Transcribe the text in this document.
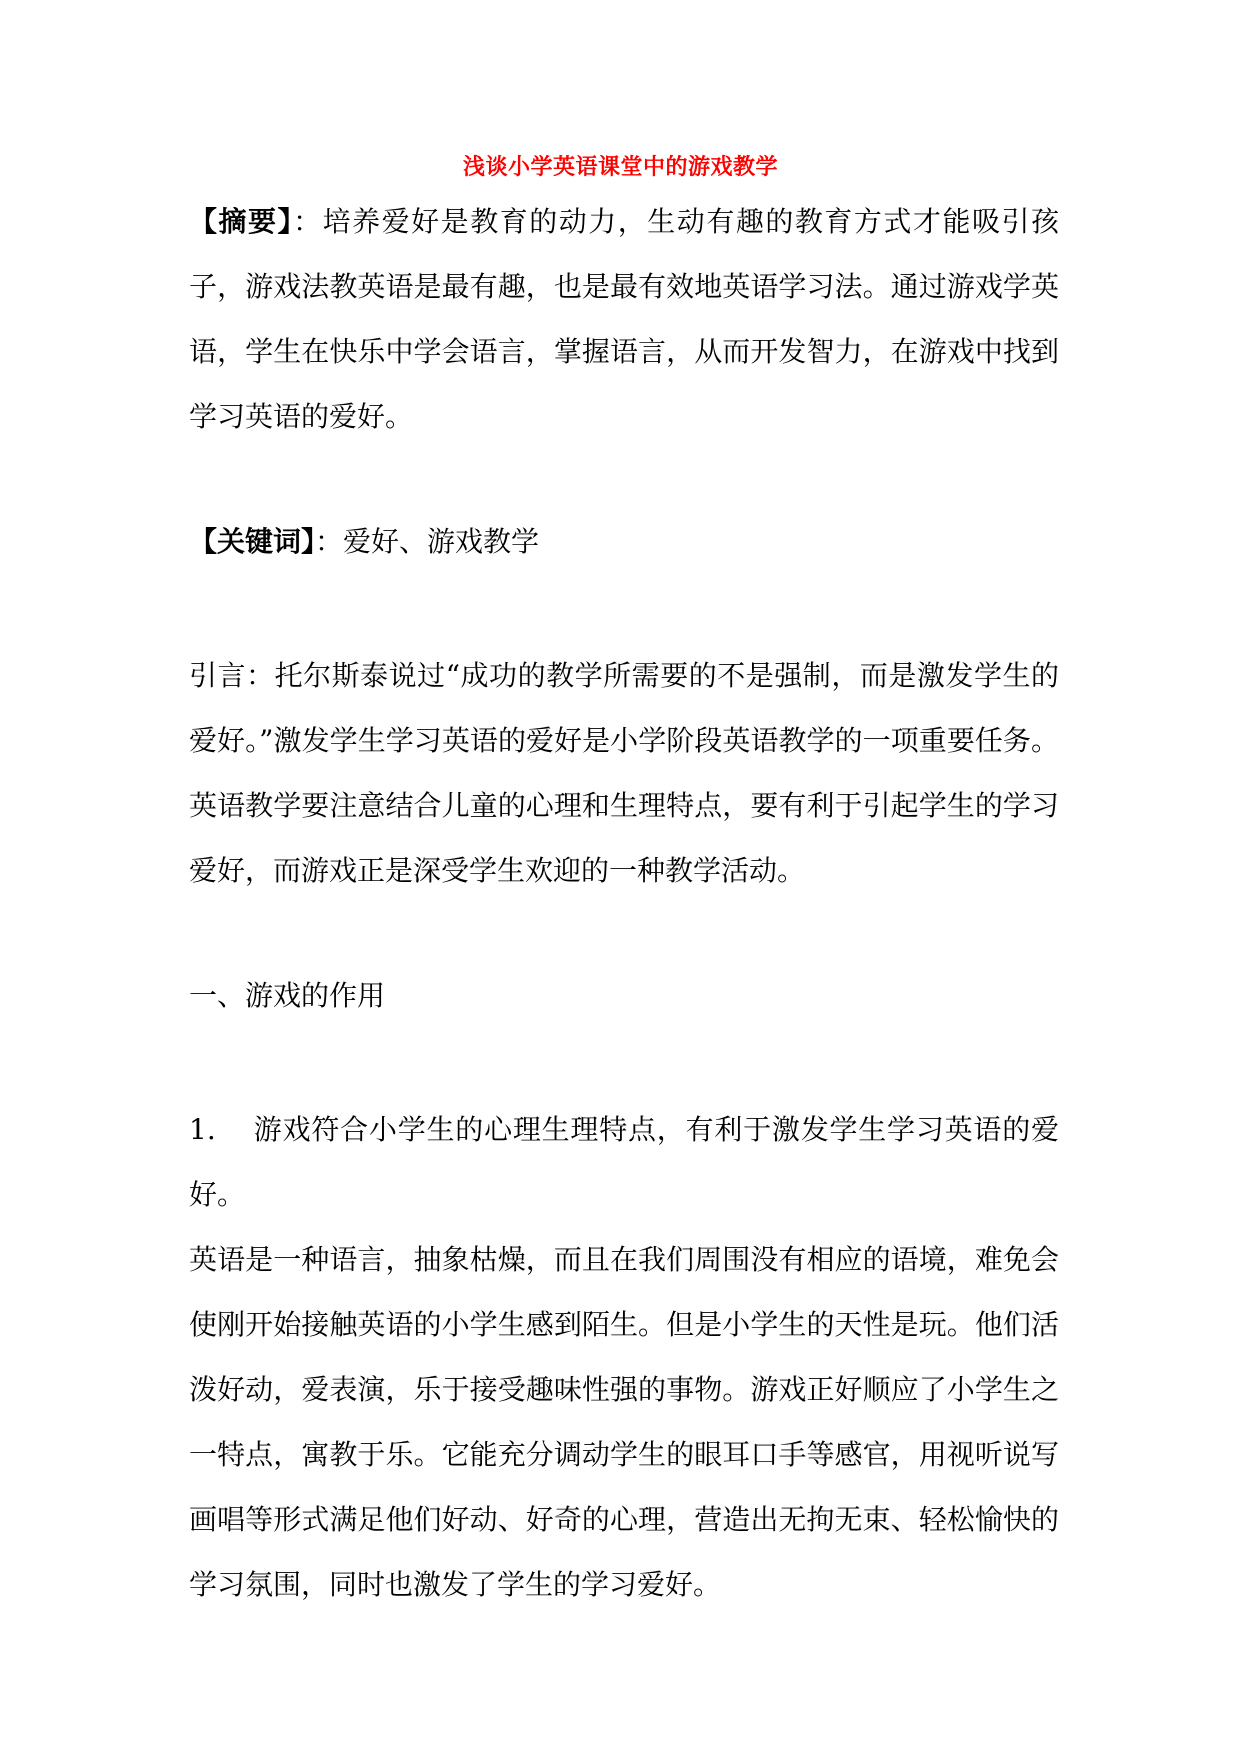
浅谈小学英语课堂中的游戏教学

【摘要】：培养爱好是教育的动力，生动有趣的教育方式才能吸引孩子，游戏法教英语是最有趣，也是最有效地英语学习法。通过游戏学英语，学生在快乐中学会语言，掌握语言，从而开发智力，在游戏中找到学习英语的爱好。

【关键词】：爱好、游戏教学

引言：托尔斯泰说过“成功的教学所需要的不是强制，而是激发学生的爱好。”激发学生学习英语的爱好是小学阶段英语教学的一项重要任务。英语教学要注意结合儿童的心理和生理特点，要有利于引起学生的学习爱好，而游戏正是深受学生欢迎的一种教学活动。

一、游戏的作用

1. 游戏符合小学生的心理生理特点，有利于激发学生学习英语的爱好。

英语是一种语言，抽象枯燥，而且在我们周围没有相应的语境，难免会使刚开始接触英语的小学生感到陌生。但是小学生的天性是玩。他们活泼好动，爱表演，乐于接受趣味性强的事物。游戏正好顺应了小学生之一特点，寓教于乐。它能充分调动学生的眼耳口手等感官，用视听说写画唱等形式满足他们好动、好奇的心理，营造出无拘无束、轻松愉快的学习氛围，同时也激发了学生的学习爱好。
